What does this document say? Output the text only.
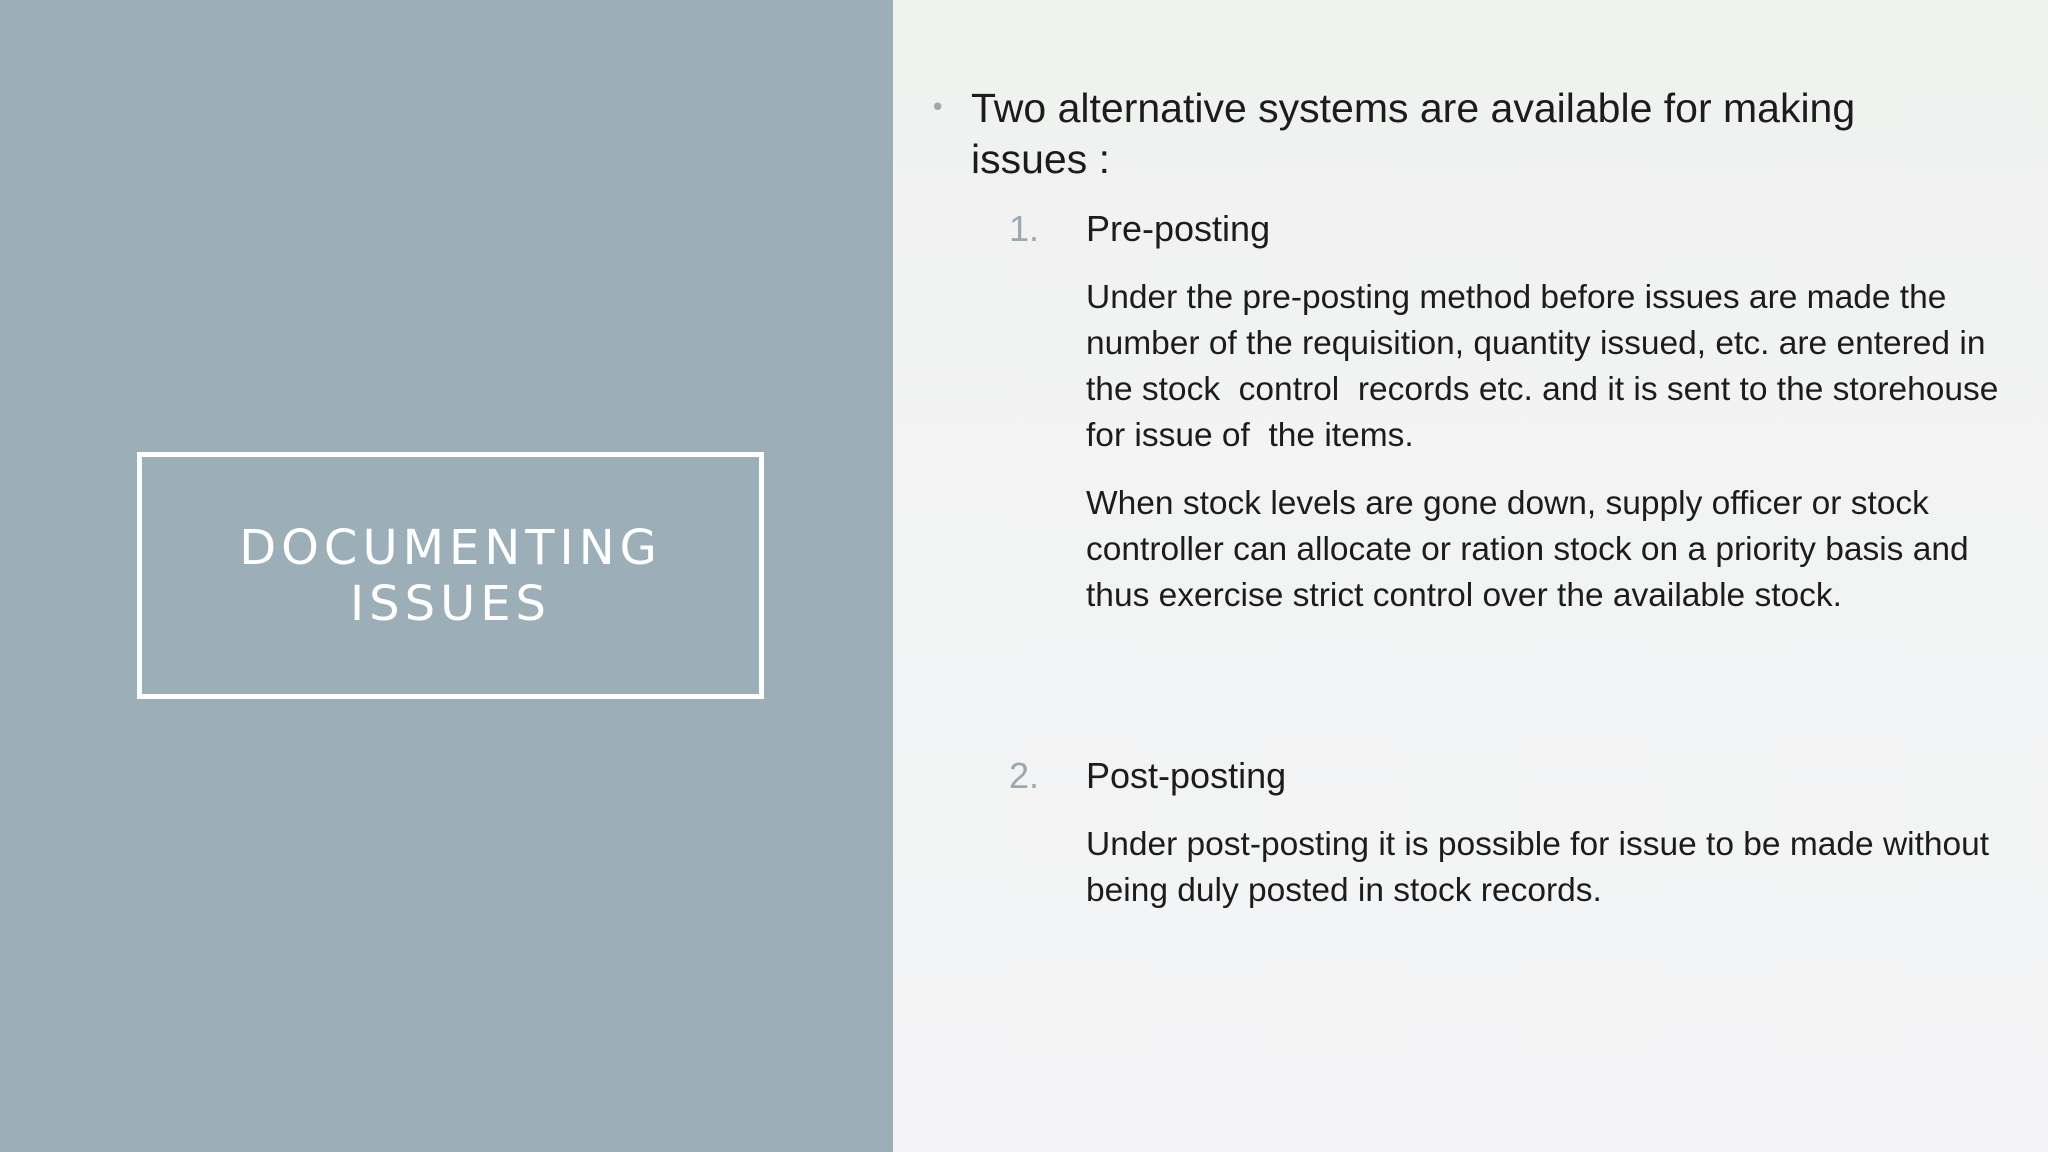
DOCUMENTING
ISSUES
• Two alternative systems are available for making issues :
1.	Pre-posting
Under the pre-posting method before issues are made the number of the requisition, quantity issued, etc. are entered in the stock  control  records etc. and it is sent to the storehouse for issue of  the items.
When stock levels are gone down, supply officer or stock controller can allocate or ration stock on a priority basis and thus exercise strict control over the available stock.
2.	Post-posting
Under post-posting it is possible for issue to be made without  being duly posted in stock records.
